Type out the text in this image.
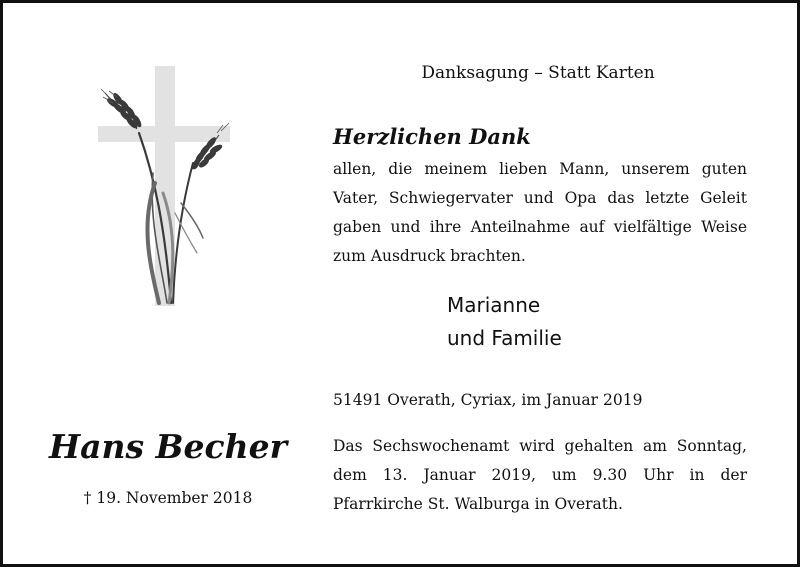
Danksagung – Statt Karten
Herzlichen Dank
allen, die meinem lieben Mann, unserem guten Vater, Schwiegervater und Opa das letzte Geleit gaben und ihre Anteilnahme auf vielfältige Weise zum Ausdruck brachten.
Marianne
und Familie
51491 Overath, Cyriax, im Januar 2019
Das Sechswochenamt wird gehalten am Sonntag, dem 13. Januar 2019, um 9.30 Uhr in der Pfarrkirche St. Walburga in Overath.
Hans Becher
† 19. November 2018
